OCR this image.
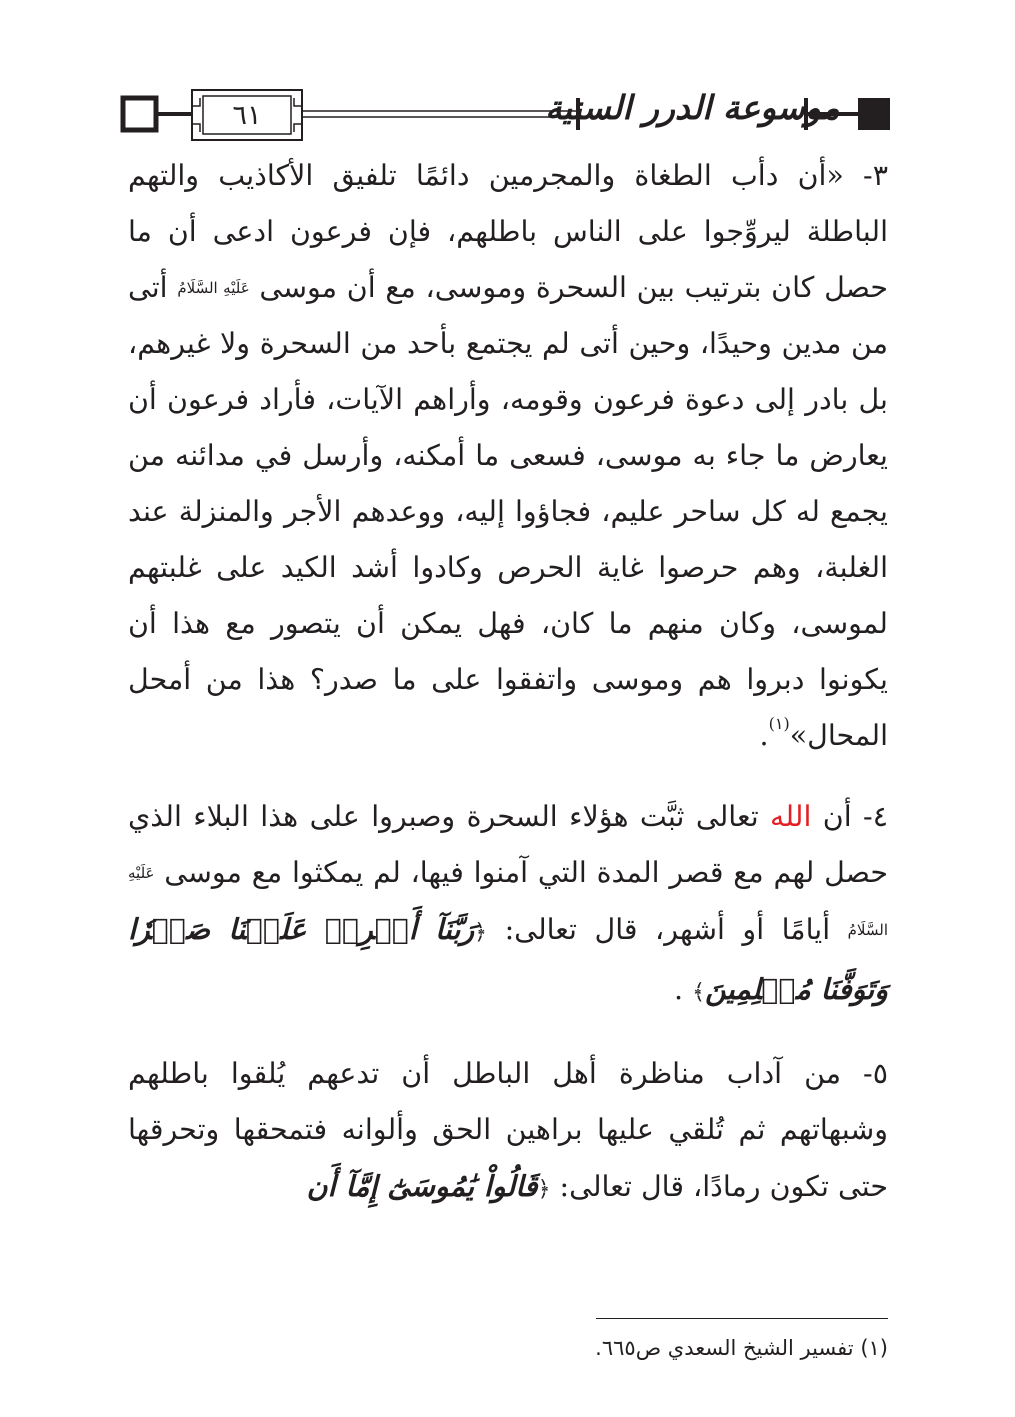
٦١	موسوعة الدرر السنية

٣- «أن دأب الطغاة والمجرمين دائمًا تلفيق الأكاذيب والتهم الباطلة ليروِّجوا على الناس باطلهم، فإن فرعون ادعى أن ما حصل كان بترتيب بين السحرة وموسى، مع أن موسى عَلَيْهِ السَّلَامُ أتى من مدين وحيدًا، وحين أتى لم يجتمع بأحد من السحرة ولا غيرهم، بل بادر إلى دعوة فرعون وقومه، وأراهم الآيات، فأراد فرعون أن يعارض ما جاء به موسى، فسعى ما أمكنه، وأرسل في مدائنه من يجمع له كل ساحر عليم، فجاؤوا إليه، ووعدهم الأجر والمنزلة عند الغلبة، وهم حرصوا غاية الحرص وكادوا أشد الكيد على غلبتهم لموسى، وكان منهم ما كان، فهل يمكن أن يتصور مع هذا أن يكونوا دبروا هم وموسى واتفقوا على ما صدر؟ هذا من أمحل المحال»$^{(١)}$.

٤- أن الله تعالى ثبَّت هؤلاء السحرة وصبروا على هذا البلاء الذي حصل لهم مع قصر المدة التي آمنوا فيها، لم يمكثوا مع موسى عَلَيْهِ السَّلَامُ أيامًا أو أشهر، قال تعالى: ﴿رَبَّنَآ أَفۡرِغۡ عَلَيۡنَا صَبۡرٗا وَتَوَفَّنَا مُسۡلِمِينَ﴾ .

٥- من آداب مناظرة أهل الباطل أن تدعهم يُلقوا باطلهم وشبهاتهم ثم تُلقي عليها براهين الحق وألوانه فتمحقها وتحرقها حتى تكون رمادًا، قال تعالى: ﴿قَالُواْ يَٰمُوسَىٰٓ إِمَّآ أَن

(١) تفسير الشيخ السعدي ص٦٦٥.
